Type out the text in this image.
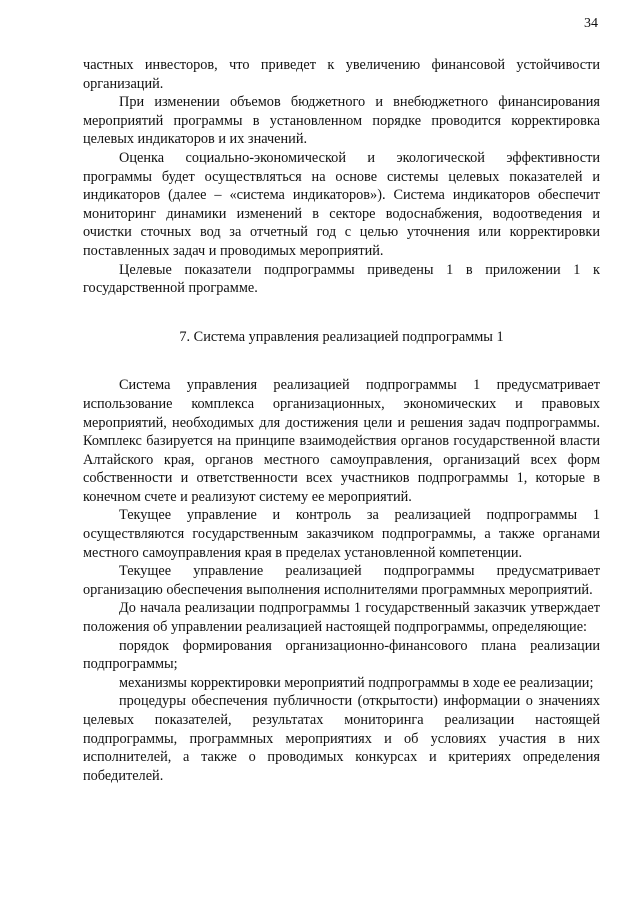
34

частных инвесторов, что приведет к увеличению финансовой устойчивости организаций.

При изменении объемов бюджетного и внебюджетного финансирования мероприятий программы в установленном порядке проводится корректировка целевых индикаторов и их значений.

Оценка социально-экономической и экологической эффективности программы будет осуществляться на основе системы целевых показателей и индикаторов (далее – «система индикаторов»). Система индикаторов обеспечит мониторинг динамики изменений в секторе водоснабжения, водоотведения и очистки сточных вод за отчетный год с целью уточнения или корректировки поставленных задач и проводимых мероприятий.

Целевые показатели подпрограммы приведены 1 в приложении 1 к государственной программе.

7. Система управления реализацией подпрограммы 1

Система управления реализацией подпрограммы 1 предусматривает использование комплекса организационных, экономических и правовых мероприятий, необходимых для достижения цели и решения задач подпрограммы. Комплекс базируется на принципе взаимодействия органов государственной власти Алтайского края, органов местного самоуправления, организаций всех форм собственности и ответственности всех участников подпрограммы 1, которые в конечном счете и реализуют систему ее мероприятий.

Текущее управление и контроль за реализацией подпрограммы 1 осуществляются государственным заказчиком подпрограммы, а также органами местного самоуправления края в пределах установленной компетенции.

Текущее управление реализацией подпрограммы предусматривает организацию обеспечения выполнения исполнителями программных мероприятий.

До начала реализации подпрограммы 1 государственный заказчик утверждает положения об управлении реализацией настоящей подпрограммы, определяющие:

порядок формирования организационно-финансового плана реализации подпрограммы;

механизмы корректировки мероприятий подпрограммы в ходе ее реализации;

процедуры обеспечения публичности (открытости) информации о значениях целевых показателей, результатах мониторинга реализации настоящей подпрограммы, программных мероприятиях и об условиях участия в них исполнителей, а также о проводимых конкурсах и критериях определения победителей.
